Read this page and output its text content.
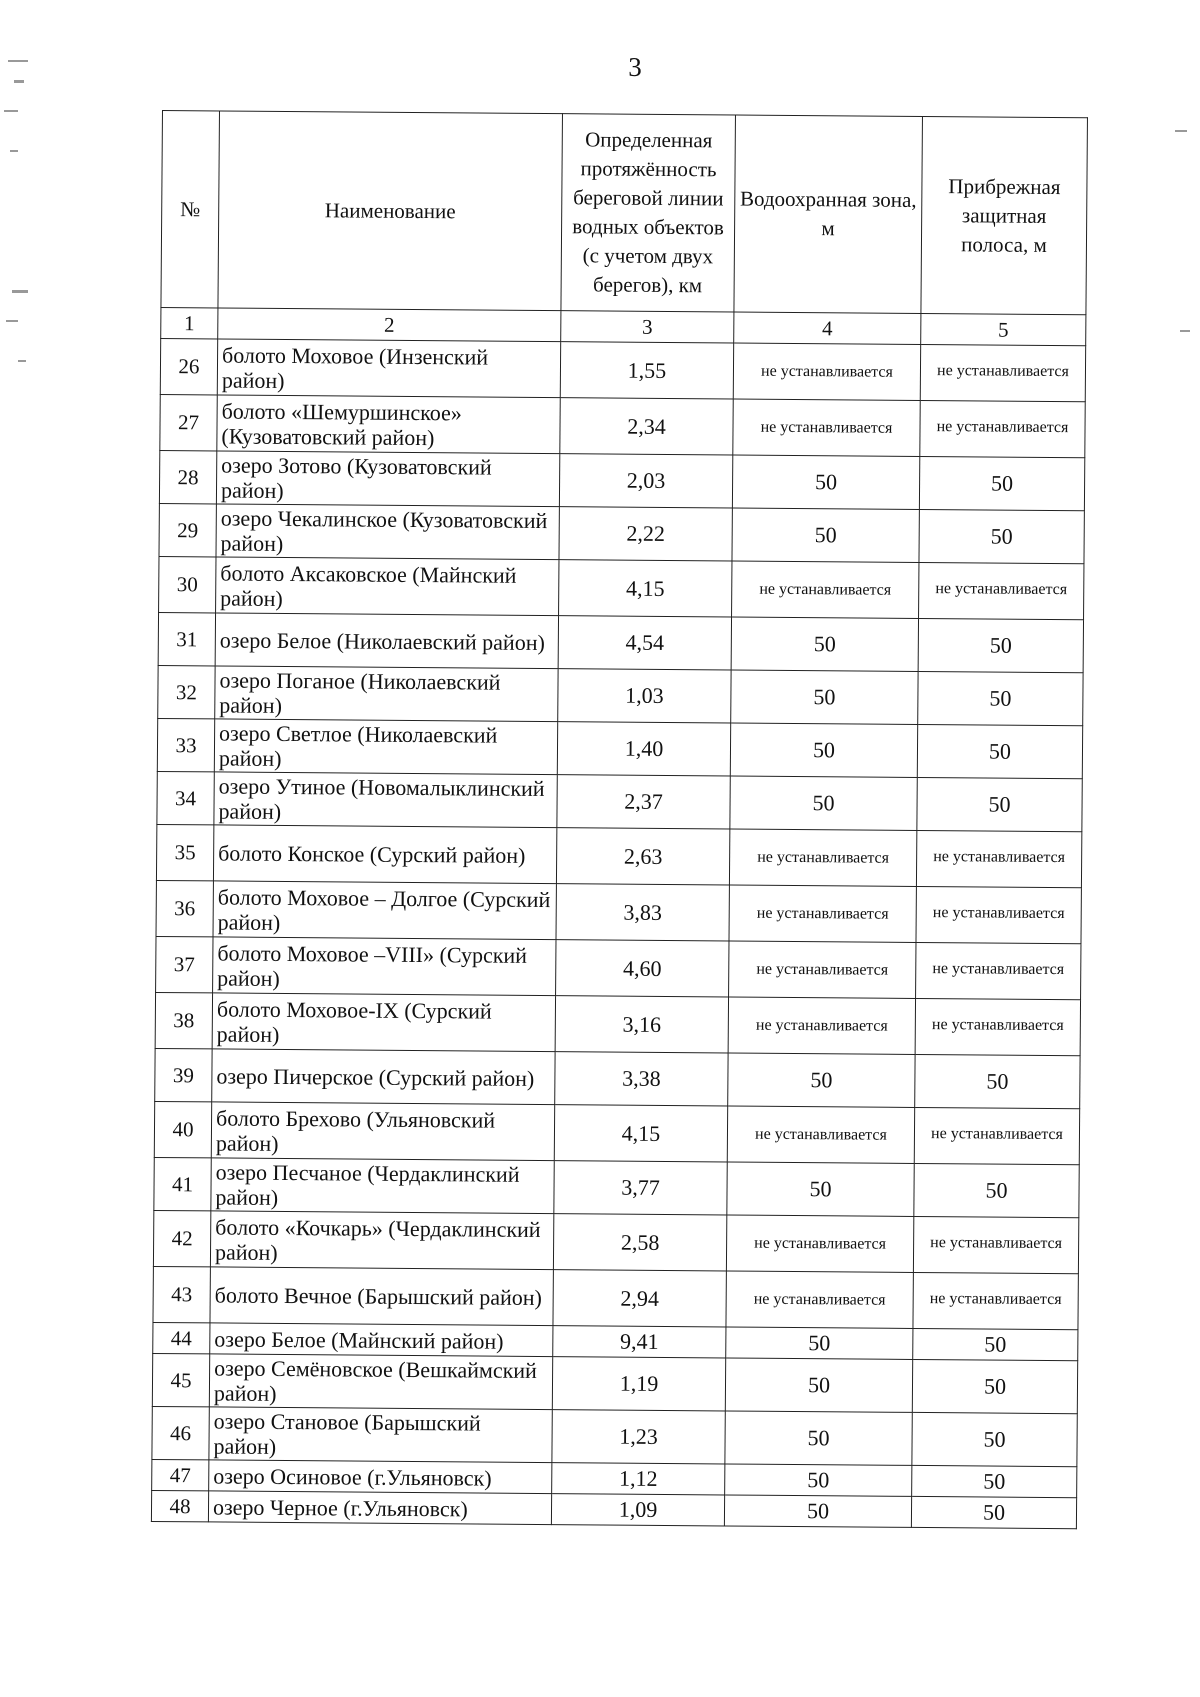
3
№	Наименование	Определенная протяжённость береговой линии водных объектов (с учетом двух берегов), км	Водоохранная зона, м	Прибрежная защитная полоса, м
1	2	3	4	5
26	болото Моховое (Инзенский район)	1,55	не устанавливается	не устанавливается
27	болото «Шемуршинское» (Кузоватовский район)	2,34	не устанавливается	не устанавливается
28	озеро Зотово (Кузоватовский район)	2,03	50	50
29	озеро Чекалинское (Кузоватовский район)	2,22	50	50
30	болото Аксаковское (Майнский район)	4,15	не устанавливается	не устанавливается
31	озеро Белое (Николаевский район)	4,54	50	50
32	озеро Поганое (Николаевский район)	1,03	50	50
33	озеро Светлое (Николаевский район)	1,40	50	50
34	озеро Утиное (Новомалыклинский район)	2,37	50	50
35	болото Конское (Сурский район)	2,63	не устанавливается	не устанавливается
36	болото Моховое – Долгое (Сурский район)	3,83	не устанавливается	не устанавливается
37	болото Моховое –VIII» (Сурский район)	4,60	не устанавливается	не устанавливается
38	болото Моховое-IX (Сурский район)	3,16	не устанавливается	не устанавливается
39	озеро Пичерское (Сурский район)	3,38	50	50
40	болото Брехово (Ульяновский район)	4,15	не устанавливается	не устанавливается
41	озеро Песчаное (Чердаклинский район)	3,77	50	50
42	болото «Кочкарь» (Чердаклинский район)	2,58	не устанавливается	не устанавливается
43	болото Вечное (Барышский район)	2,94	не устанавливается	не устанавливается
44	озеро Белое (Майнский район)	9,41	50	50
45	озеро Семёновское (Вешкаймский район)	1,19	50	50
46	озеро Становое (Барышский район)	1,23	50	50
47	озеро Осиновое (г.Ульяновск)	1,12	50	50
48	озеро Черное (г.Ульяновск)	1,09	50	50
